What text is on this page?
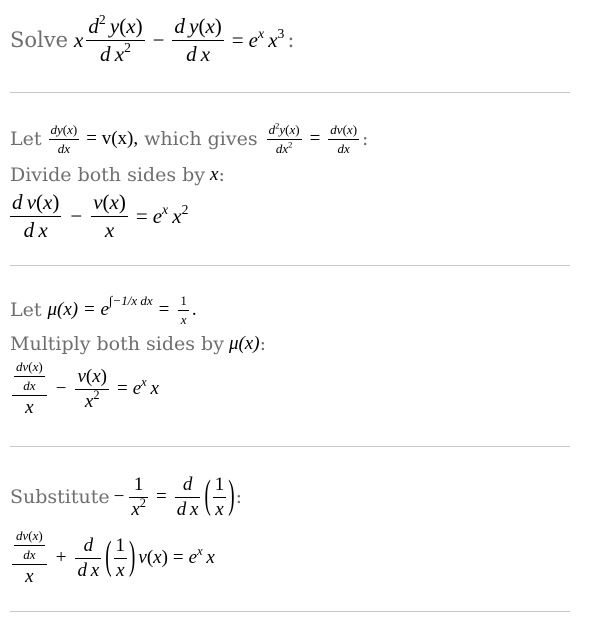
Solve x $\frac{d^2 y(x)}{d x^2} - \frac{\text{d y(x)}}{\text{d x}} = e^x$ $x^3$ :
Let $\frac{dy(x)}{dx} = v(x)$, which gives $\frac{d^2y(x)}{dx^2} = \frac{dv(x)}{dx}$ :
Divide both sides by x :
$\frac{\text{d v(x)}}{\text{d x}} - \frac{v(x)}{x} = e^x$ $x^2$
Let μ(x) = e ∫−1/x dx = $\frac{1}{x}$ .
Multiply both sides by μ(x) :
$\frac{\frac{dv(x)}{dx}}{x} - \frac{v(x)}{x^2} = e^x$ x
Substitute − $\frac{1}{x^2} = \frac{d}{\text{d x}}$ ( $\frac{1}{x}$ ) :
$\frac{\frac{dv(x)}{dx}}{x} + \frac{d}{\text{d x}}$ ( $\frac{1}{x}$ ) $v(x) = e^x$ x
